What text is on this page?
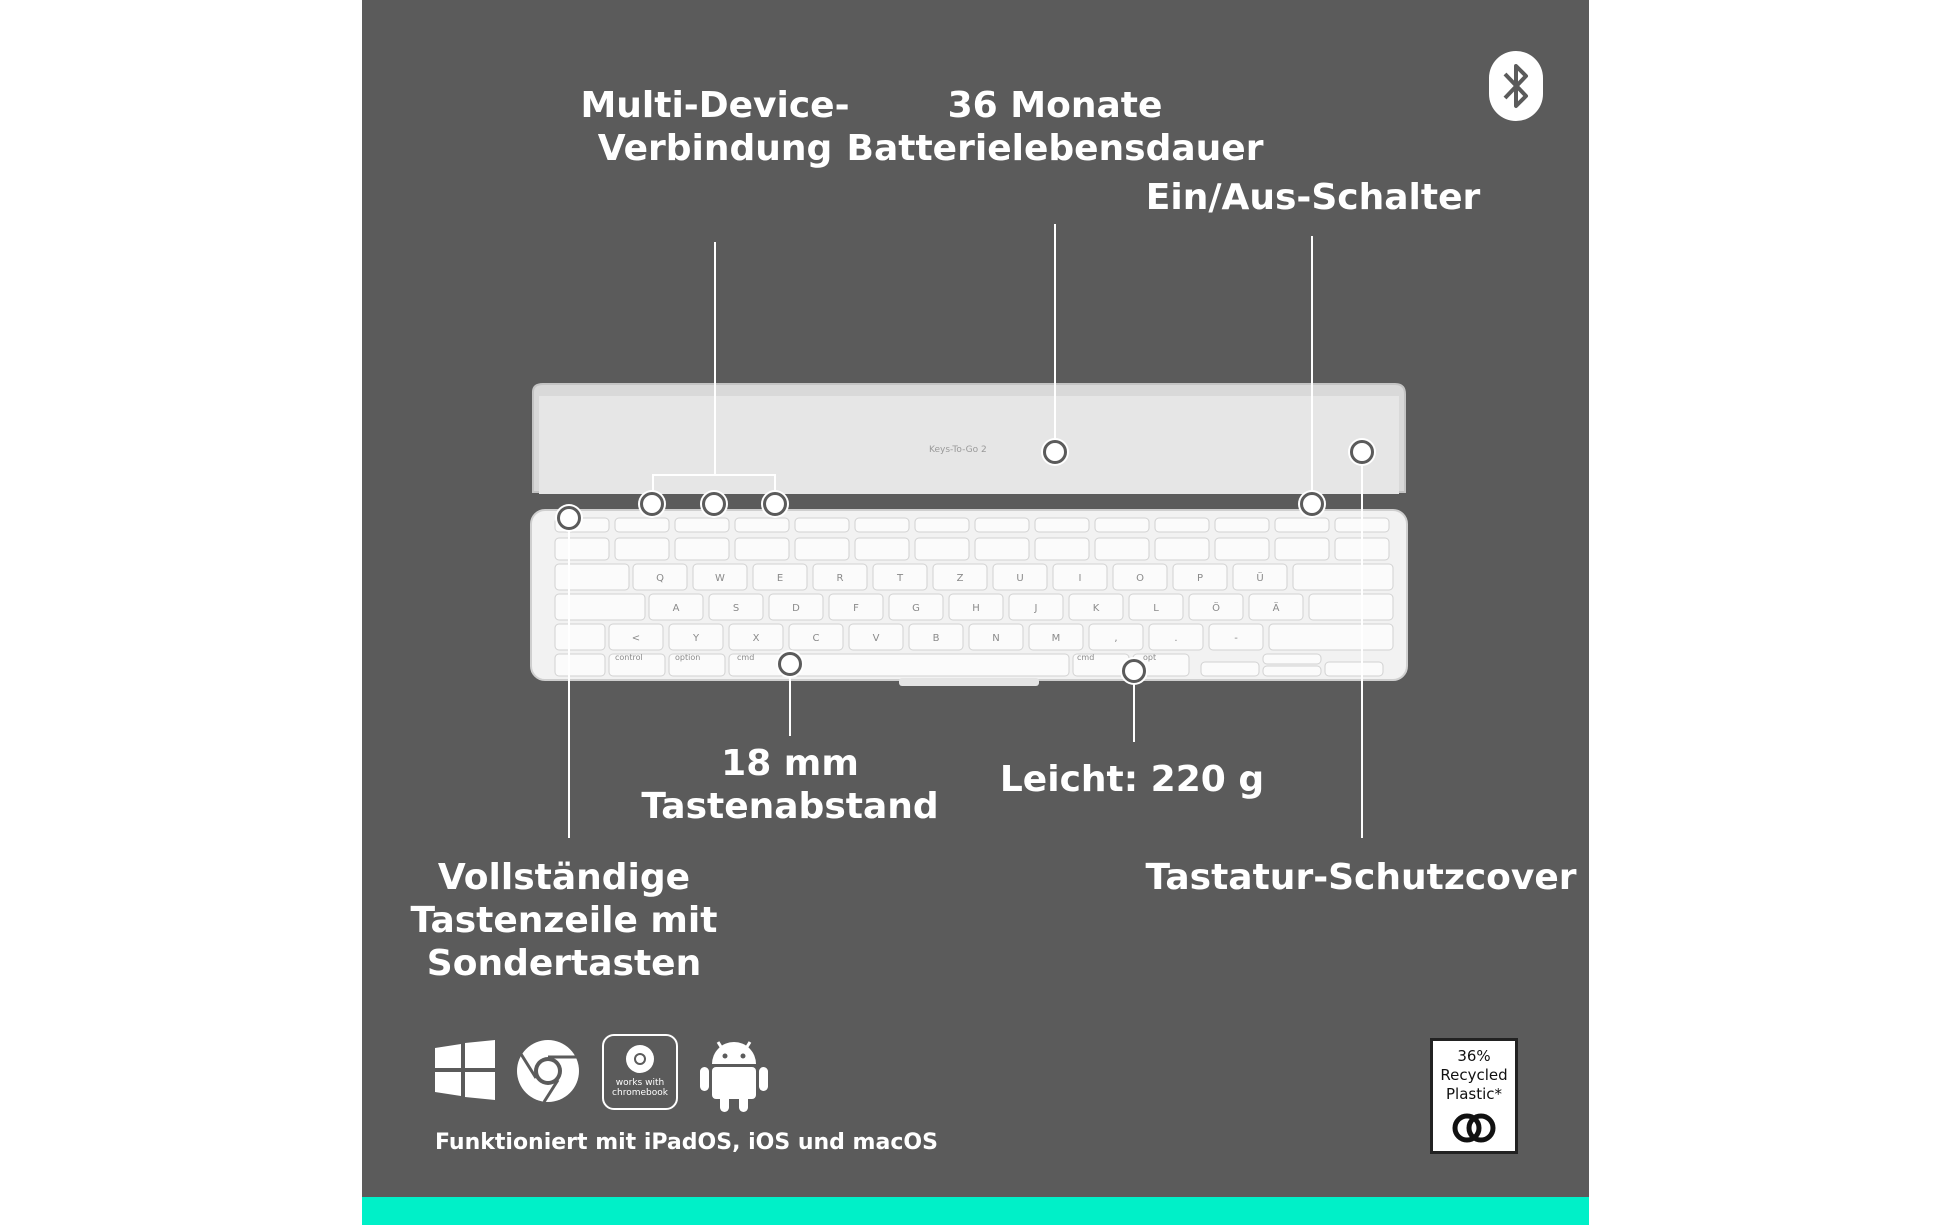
Multi-Device-
Verbindung
36 Monate
Batterielebensdauer
Ein/Aus-Schalter
18 mm
Tastenabstand
Leicht: 220 g
Vollständige
Tastenzeile mit
Sondertasten
Tastatur-Schutzcover
Keys-To-Go 2
Q	W	E	R	T	Z	U	I	O	P	Ü
A	S	D	F	G	H	J	K	L	Ö	Ä
<	Y	X	C	V	B	N	M	,	.	-
control	option	cmd	cmd	opt
works with
chromebook
Funktioniert mit iPadOS, iOS und macOS
36%
Recycled
Plastic*
